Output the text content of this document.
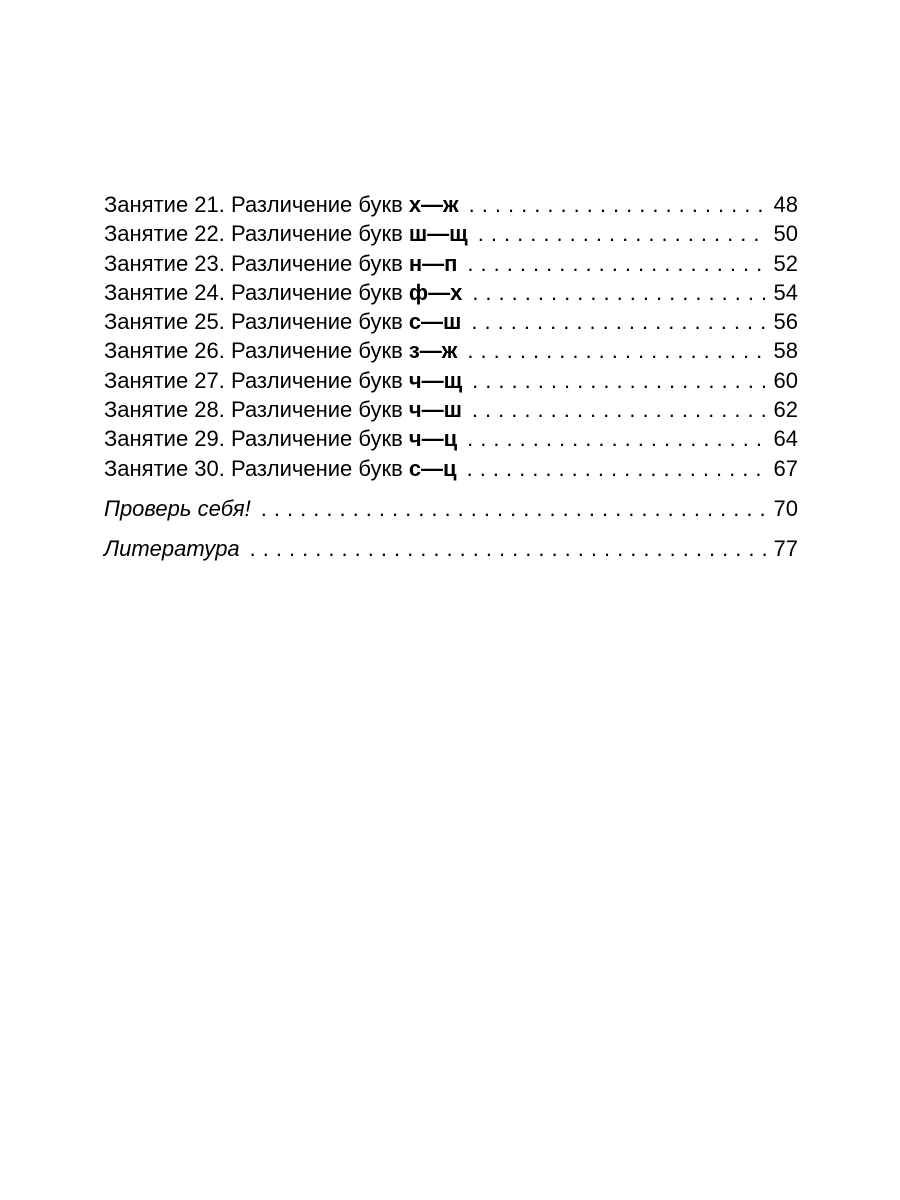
Занятие 21. Различение букв х—ж . . .	48
Занятие 22. Различение букв ш—щ . . .	50
Занятие 23. Различение букв н—п . . .	52
Занятие 24. Различение букв ф—х . . .	54
Занятие 25. Различение букв с—ш . . .	56
Занятие 26. Различение букв з—ж . . .	58
Занятие 27. Различение букв ч—щ . . .	60
Занятие 28. Различение букв ч—ш . . .	62
Занятие 29. Различение букв ч—ц . . .	64
Занятие 30. Различение букв с—ц . . .	67
Проверь себя! . . .	70
Литература . . .	77
